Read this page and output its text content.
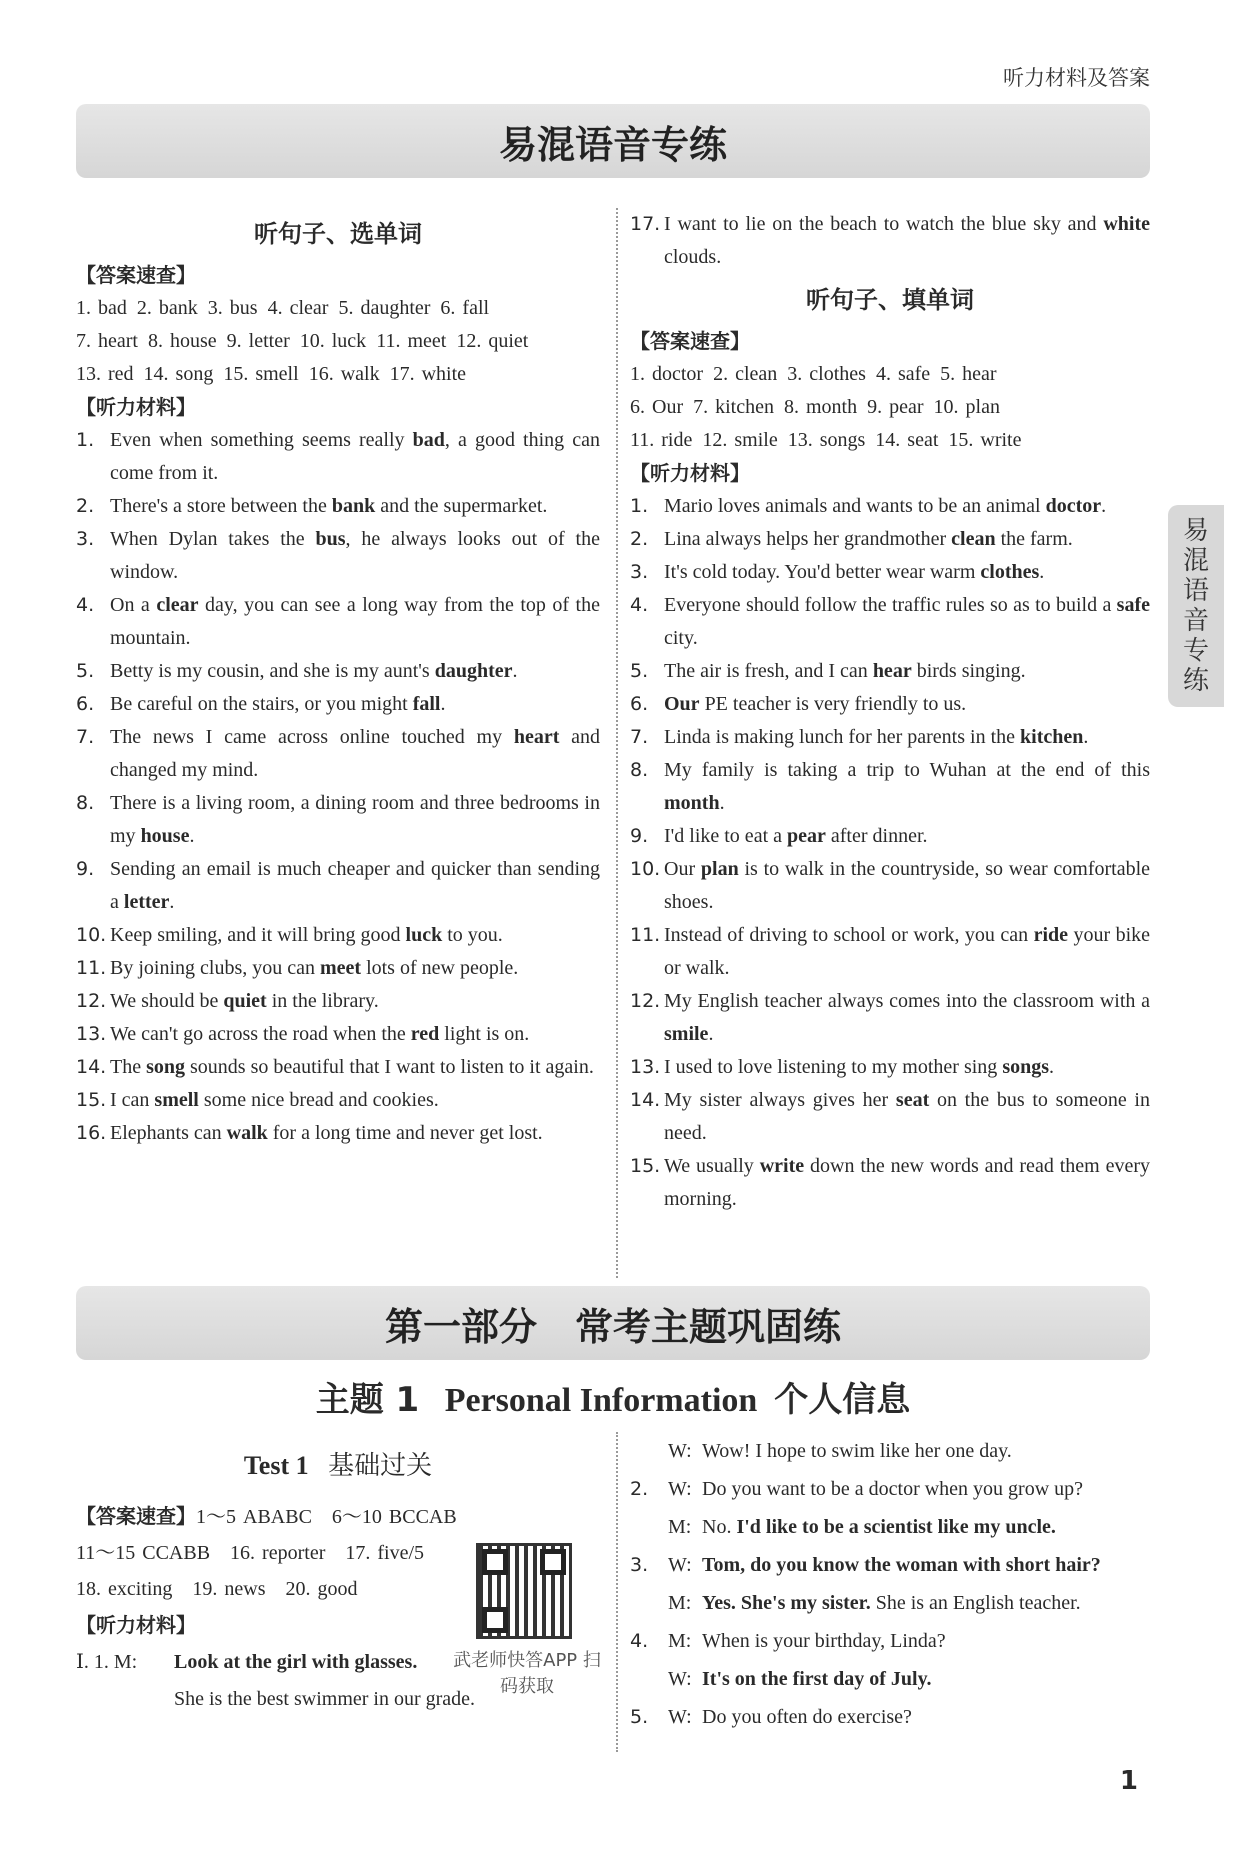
听力材料及答案
易混语音专练
易
混
语
音
专
练
听句子、选单词
【答案速查】
1. bad 2. bank 3. bus 4. clear 5. daughter 6. fall
7. heart 8. house 9. letter 10. luck 11. meet 12. quiet
13. red 14. song 15. smell 16. walk 17. white
【听力材料】
1. Even when something seems really bad, a good thing can come from it.
2. There's a store between the bank and the supermarket.
3. When Dylan takes the bus, he always looks out of the window.
4. On a clear day, you can see a long way from the top of the mountain.
5. Betty is my cousin, and she is my aunt's daughter.
6. Be careful on the stairs, or you might fall.
7. The news I came across online touched my heart and changed my mind.
8. There is a living room, a dining room and three bedrooms in my house.
9. Sending an email is much cheaper and quicker than sending a letter.
10. Keep smiling, and it will bring good luck to you.
11. By joining clubs, you can meet lots of new people.
12. We should be quiet in the library.
13. We can't go across the road when the red light is on.
14. The song sounds so beautiful that I want to listen to it again.
15. I can smell some nice bread and cookies.
16. Elephants can walk for a long time and never get lost.
17. I want to lie on the beach to watch the blue sky and white clouds.
听句子、填单词
【答案速查】
1. doctor 2. clean 3. clothes 4. safe 5. hear
6. Our 7. kitchen 8. month 9. pear 10. plan
11. ride 12. smile 13. songs 14. seat 15. write

【听力材料】
1. Mario loves animals and wants to be an animal doctor.
2. Lina always helps her grandmother clean the farm.
3. It's cold today. You'd better wear warm clothes.
4. Everyone should follow the traffic rules so as to build a safe city.
5. The air is fresh, and I can hear birds singing.
6. Our PE teacher is very friendly to us.
7. Linda is making lunch for her parents in the kitchen.
8. My family is taking a trip to Wuhan at the end of this month.
9. I'd like to eat a pear after dinner.
10. Our plan is to walk in the countryside, so wear comfortable shoes.
11. Instead of driving to school or work, you can ride your bike or walk.
12. My English teacher always comes into the classroom with a smile.
13. I used to love listening to my mother sing songs.
14. My sister always gives her seat on the bus to someone in need.
15. We usually write down the new words and read them every morning.
第一部分　常考主题巩固练
主题 1 Personal Information 个人信息
Test 1 基础过关
【答案速查】1～5 ABABC　6～10 BCCAB
11～15 CCABB　16. reporter　17. five/5
18. exciting　19. news　20. good
【听力材料】
Ⅰ. 1. M:	Look at the girl with glasses.
She is the best swimmer in our grade.
武老师快答APP 扫码获取
W: Wow! I hope to swim like her one day.
2. W: Do you want to be a doctor when you grow up?
M: No. I'd like to be a scientist like my uncle.
3. W: Tom, do you know the woman with short hair?
M: Yes. She's my sister. She is an English teacher.
4. M: When is your birthday, Linda?
W: It's on the first day of July.
5. W: Do you often do exercise?
1
